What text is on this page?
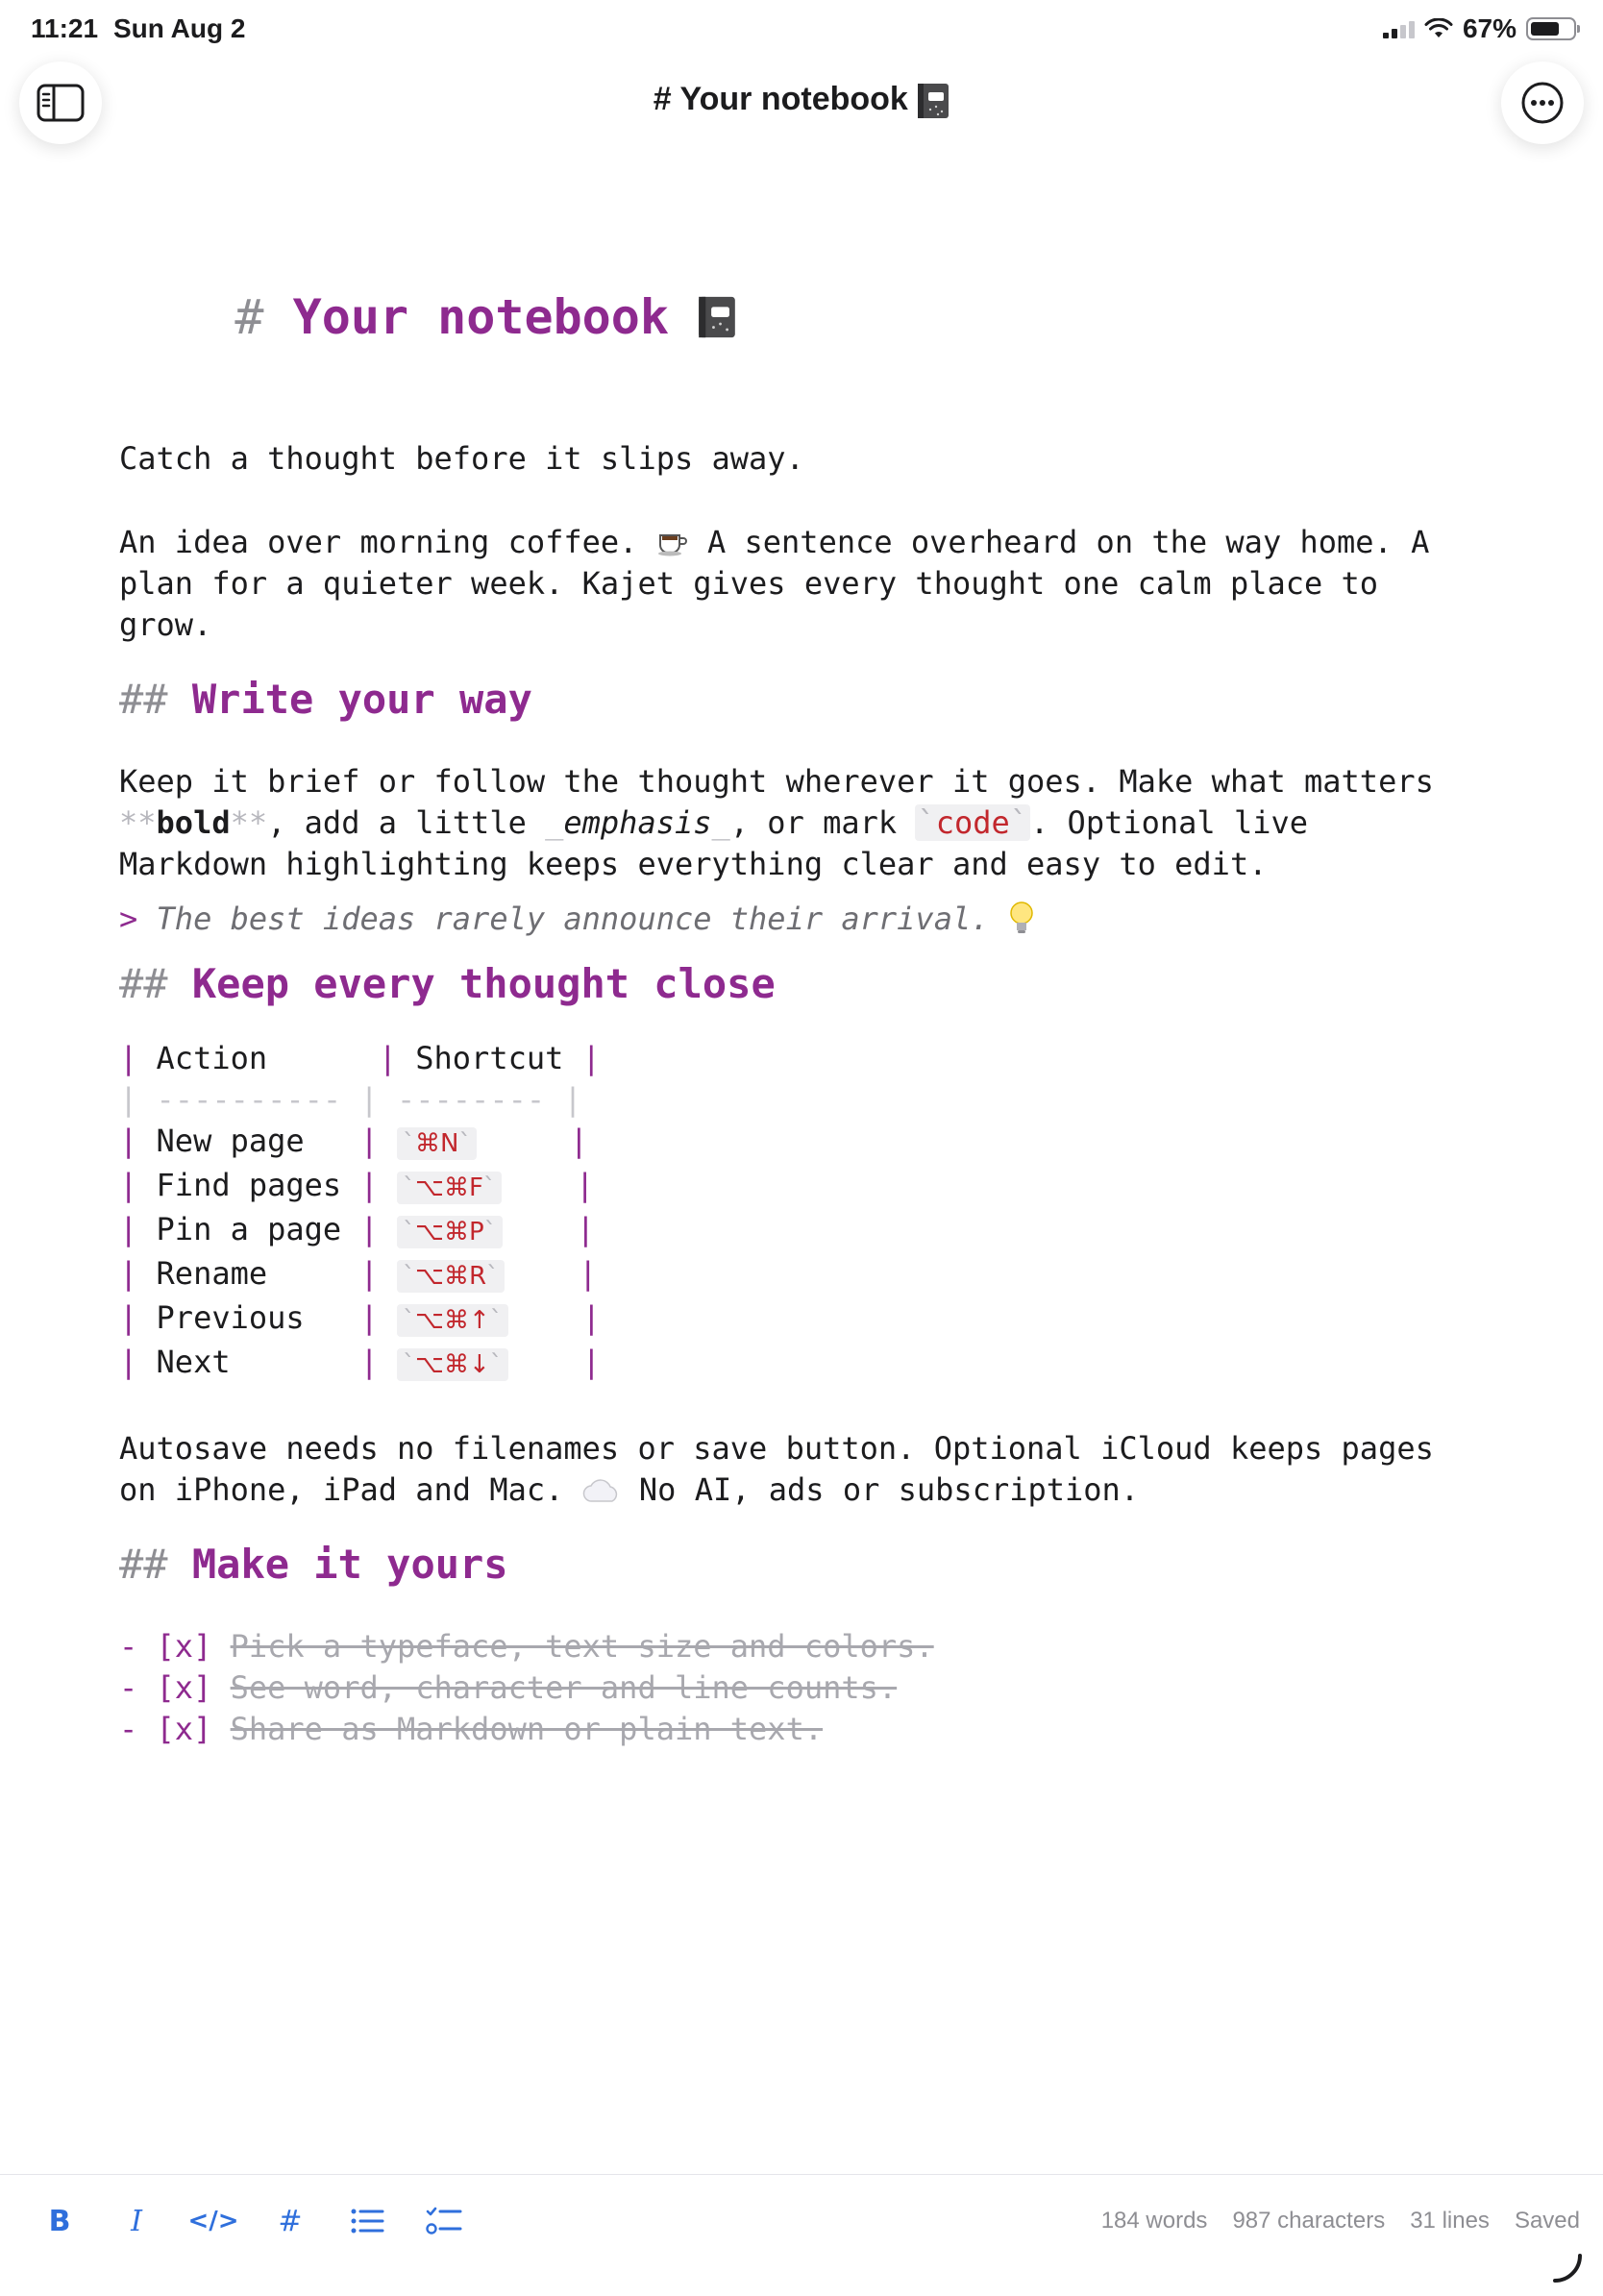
11:21 Sun Aug 2	67%
# Your notebook

# Your notebook

Catch a thought before it slips away.
An idea over morning coffee. A sentence overheard on the way home. A
plan for a quieter week. Kajet gives every thought one calm place to
grow.
## Write your way
Keep it brief or follow the thought wherever it goes. Make what matters
**bold**, add a little _emphasis_, or mark `code`. Optional live
Markdown highlighting keeps everything clear and easy to edit.
> The best ideas rarely announce their arrival.
## Keep every thought close
| Action	| Shortcut |
| ---------- | -------- |
| New page | `⌘N`	|
| Find pages | `⌥⌘F`	|
| Pin a page | `⌥⌘P`	|
| Rename	| `⌥⌘R`	|
| Previous | `⌥⌘↑`	|
| Next	| `⌥⌘↓`	|
Autosave needs no filenames or save button. Optional iCloud keeps pages
on iPhone, iPad and Mac. No AI, ads or subscription.
## Make it yours
- [x] Pick a typeface, text size and colors.
- [x] See word, character and line counts.
- [x] Share as Markdown or plain text.
B I </> #	184 words 987 characters 31 lines Saved
